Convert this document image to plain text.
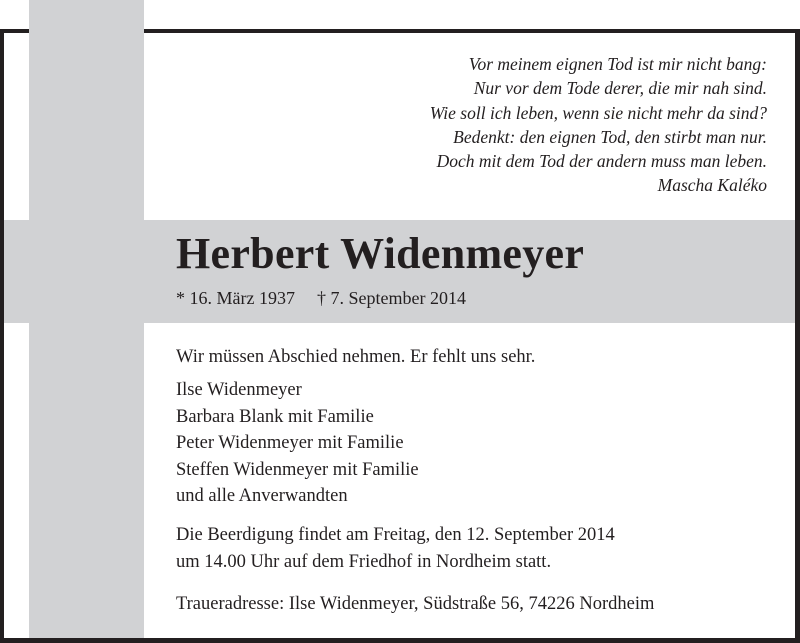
Vor meinem eignen Tod ist mir nicht bang:
Nur vor dem Tode derer, die mir nah sind.
Wie soll ich leben, wenn sie nicht mehr da sind?
Bedenkt: den eignen Tod, den stirbt man nur.
Doch mit dem Tod der andern muss man leben.
Mascha Kaléko
Herbert Widenmeyer
* 16. März 1937 † 7. September 2014
Wir müssen Abschied nehmen. Er fehlt uns sehr.
Ilse Widenmeyer
Barbara Blank mit Familie
Peter Widenmeyer mit Familie
Steffen Widenmeyer mit Familie
und alle Anverwandten
Die Beerdigung findet am Freitag, den 12. September 2014
um 14.00 Uhr auf dem Friedhof in Nordheim statt.
Traueradresse: Ilse Widenmeyer, Südstraße 56, 74226 Nordheim
